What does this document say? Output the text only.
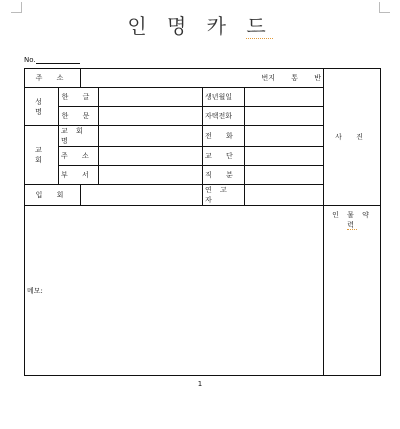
인 명 카 드
No.
주 소		번지 통 반				사 진
성 명	한 글			생년월일		
	한 문			자택전화		
교 회	교 회 명			전 화		
	주 소			교 단		
	부 서			직 분		
입 회				연 고 자		
메모:						인 물 약 력
1
